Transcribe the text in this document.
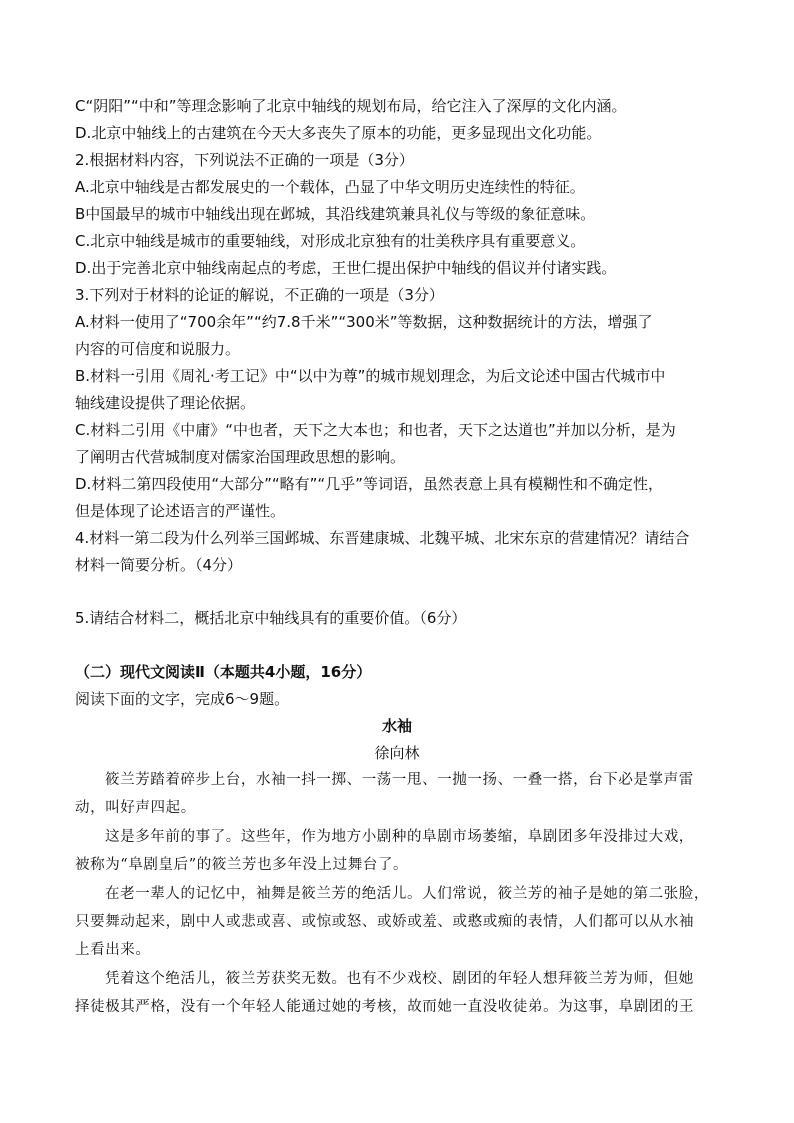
C“阴阳”“中和”等理念影响了北京中轴线的规划布局，给它注入了深厚的文化内涵。
D.北京中轴线上的古建筑在今天大多丧失了原本的功能，更多显现出文化功能。
2.根据材料内容，下列说法不正确的一项是（3分）
A.北京中轴线是古都发展史的一个载体，凸显了中华文明历史连续性的特征。
B中国最早的城市中轴线出现在邺城，其沿线建筑兼具礼仪与等级的象征意味。
C.北京中轴线是城市的重要轴线，对形成北京独有的壮美秩序具有重要意义。
D.出于完善北京中轴线南起点的考虑，王世仁提出保护中轴线的倡议并付诸实践。
3.下列对于材料的论证的解说，不正确的一项是（3分）
A.材料一使用了“700余年”“约7.8千米”“300米”等数据，这种数据统计的方法，增强了
内容的可信度和说服力。
B.材料一引用《周礼·考工记》中“以中为尊”的城市规划理念，为后文论述中国古代城市中
轴线建设提供了理论依据。
C.材料二引用《中庸》“中也者，天下之大本也；和也者，天下之达道也”并加以分析，是为
了阐明古代营城制度对儒家治国理政思想的影响。
D.材料二第四段使用“大部分”“略有”“几乎”等词语，虽然表意上具有模糊性和不确定性，
但是体现了论述语言的严谨性。
4.材料一第二段为什么列举三国邺城、东晋建康城、北魏平城、北宋东京的营建情况？请结合
材料一简要分析。（4分）
5.请结合材料二，概括北京中轴线具有的重要价值。（6分）
（二）现代文阅读Ⅱ（本题共4小题，16分）
阅读下面的文字，完成6～9题。
水袖
徐向林
筱兰芳踏着碎步上台，水袖一抖一掷、一荡一甩、一抛一扬、一叠一搭，台下必是掌声雷
动，叫好声四起。
这是多年前的事了。这些年，作为地方小剧种的阜剧市场萎缩，阜剧团多年没排过大戏，
被称为“阜剧皇后”的筱兰芳也多年没上过舞台了。
在老一辈人的记忆中，袖舞是筱兰芳的绝活儿。人们常说，筱兰芳的袖子是她的第二张脸，
只要舞动起来，剧中人或悲或喜、或惊或怒、或娇或羞、或憨或痴的表情，人们都可以从水袖
上看出来。
凭着这个绝活儿，筱兰芳获奖无数。也有不少戏校、剧团的年轻人想拜筱兰芳为师，但她
择徒极其严格，没有一个年轻人能通过她的考核，故而她一直没收徒弟。为这事，阜剧团的王
